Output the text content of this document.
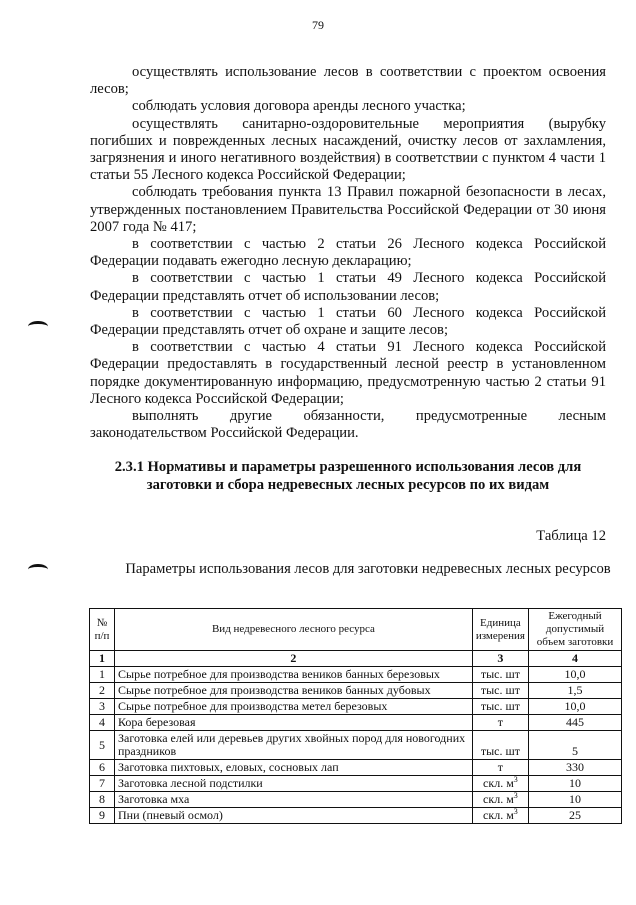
79

осуществлять использование лесов в соответствии с проектом освоения лесов;

соблюдать условия договора аренды лесного участка;

осуществлять санитарно-оздоровительные мероприятия (вырубку погибших и поврежденных лесных насаждений, очистку лесов от захламления, загрязнения и иного негативного воздействия) в соответствии с пунктом 4 части 1 статьи 55 Лесного кодекса Российской Федерации;

соблюдать требования пункта 13 Правил пожарной безопасности в лесах, утвержденных постановлением Правительства Российской Федерации от 30 июня 2007 года № 417;

в соответствии с частью 2 статьи 26 Лесного кодекса Российской Федерации подавать ежегодно лесную декларацию;

в соответствии с частью 1 статьи 49 Лесного кодекса Российской Федерации представлять отчет об использовании лесов;

в соответствии с частью 1 статьи 60 Лесного кодекса Российской Федерации представлять отчет об охране и защите лесов;

в соответствии с частью 4 статьи 91 Лесного кодекса Российской Федерации предоставлять в государственный лесной реестр в установленном порядке документированную информацию, предусмотренную частью 2 статьи 91 Лесного кодекса Российской Федерации;

выполнять другие обязанности, предусмотренные лесным законодательством Российской Федерации.

2.3.1 Нормативы и параметры разрешенного использования лесов для заготовки и сбора недревесных лесных ресурсов по их видам
Таблица 12
Параметры использования лесов для заготовки недревесных лесных ресурсов
№ п/п	Вид недревесного лесного ресурса	Единица измерения	Ежегодный допустимый объем заготовки
1	2	3	4
1	Сырье потребное для производства веников банных березовых	тыс. шт	10,0
2	Сырье потребное для производства веников банных дубовых	тыс. шт	1,5
3	Сырье потребное для производства метел березовых	тыс. шт	10,0
4	Кора березовая	т	445
5	Заготовка елей или деревьев других хвойных пород для новогодних праздников	тыс. шт	5
6	Заготовка пихтовых, еловых, сосновых лап	т	330
7	Заготовка лесной подстилки	скл. $м^3$	10
8	Заготовка мха	скл. $м^3$	10
9	Пни (пневый осмол)	скл. $м^3$	25
